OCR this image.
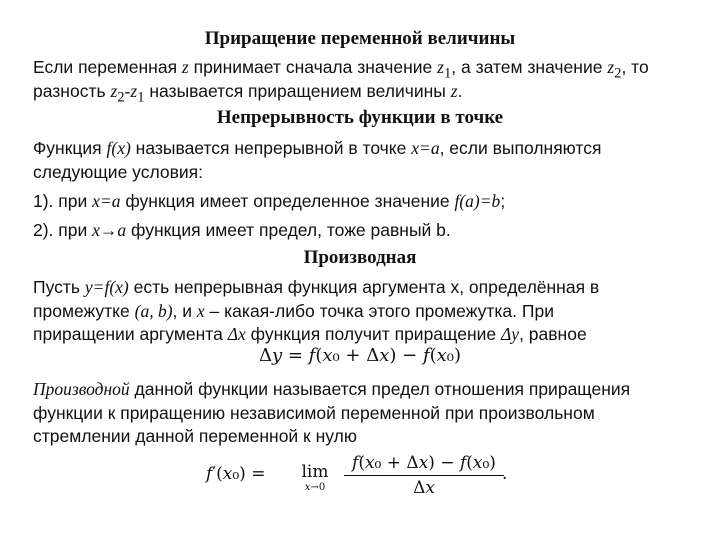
Приращение переменной величины
Если переменная z принимает сначала значение $z_1$, а затем значение $z_2$, то
разность $z_2-z_1$ называется приращением величины z.
Непрерывность функции в точке
Функция f(x) называется непрерывной в точке x=a, если выполняются
следующие условия:
1). при x=a функция имеет определенное значение f(a)=b;
2). при x→a функция имеет предел, тоже равный b.
Производная
Пусть y=f(x) есть непрерывная функция аргумента x, определённая в
промежутке (a, b), и x – какая-либо точка этого промежутка. При
приращении аргумента Δx функция получит приращение Δy, равное
Δ𝑦 = 𝑓(𝑥₀ + Δ𝑥) − 𝑓(𝑥₀)
Производной данной функции называется предел отношения приращения
функции к приращению независимой переменной при произвольном
стремлении данной переменной к нулю
𝑓′(𝑥₀) = lim
𝑥→0
𝑓(𝑥₀ + Δ𝑥) − 𝑓(𝑥₀)
Δ𝑥
.
